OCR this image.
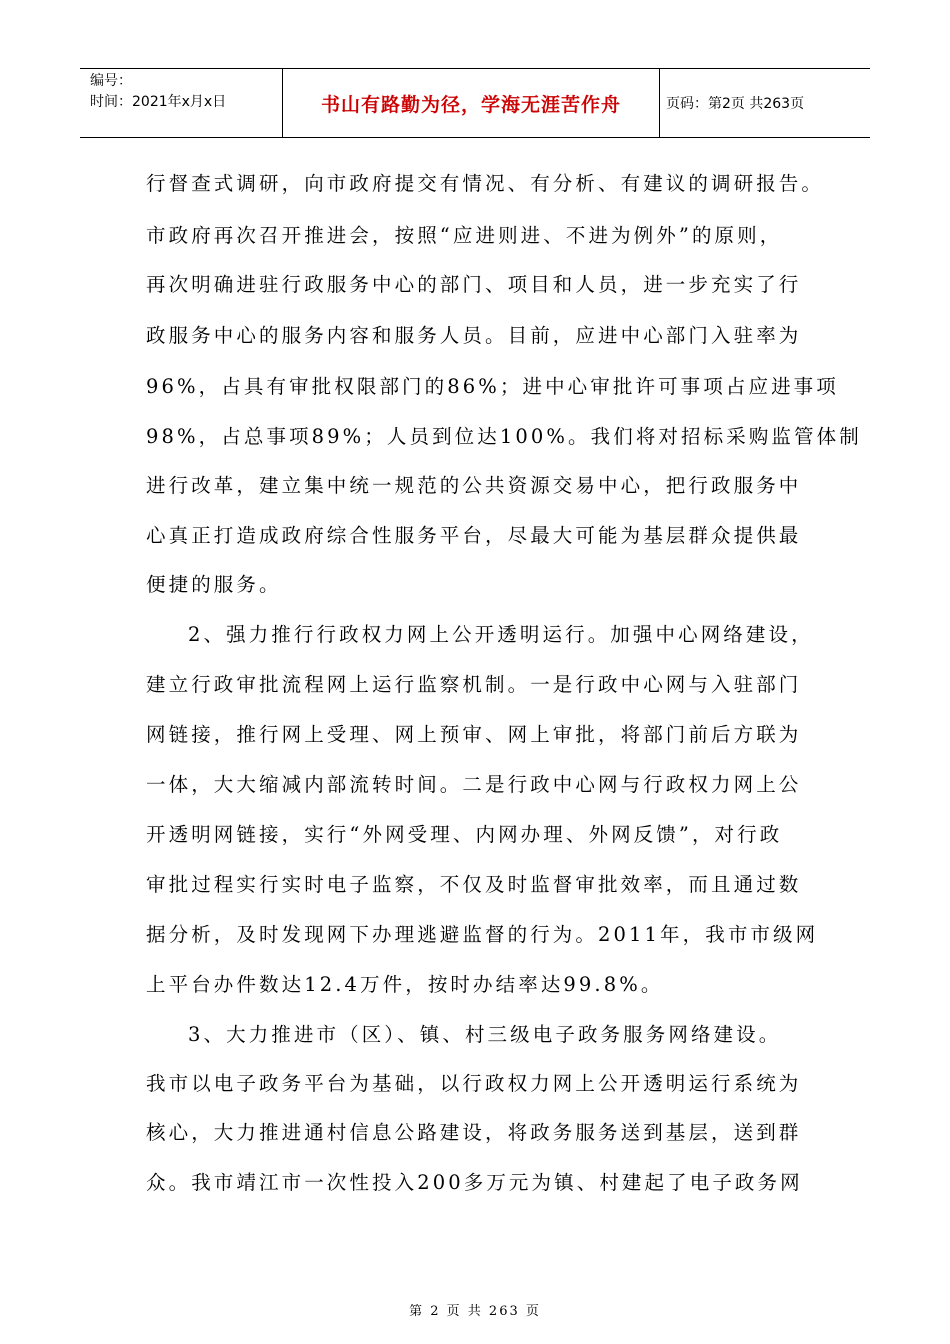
编号：
时间：2021年x月x日	书山有路勤为径，学海无涯苦作舟	页码：第2页 共263页
行督查式调研，向市政府提交有情况、有分析、有建议的调研报告。
市政府再次召开推进会，按照“应进则进、不进为例外”的原则，
再次明确进驻行政服务中心的部门、项目和人员，进一步充实了行
政服务中心的服务内容和服务人员。目前，应进中心部门入驻率为
96%，占具有审批权限部门的86%；进中心审批许可事项占应进事项
98%，占总事项89%；人员到位达100%。我们将对招标采购监管体制
进行改革，建立集中统一规范的公共资源交易中心，把行政服务中
心真正打造成政府综合性服务平台，尽最大可能为基层群众提供最
便捷的服务。
2、强力推行行政权力网上公开透明运行。加强中心网络建设，
建立行政审批流程网上运行监察机制。一是行政中心网与入驻部门
网链接，推行网上受理、网上预审、网上审批，将部门前后方联为
一体，大大缩减内部流转时间。二是行政中心网与行政权力网上公
开透明网链接，实行“外网受理、内网办理、外网反馈”，对行政
审批过程实行实时电子监察，不仅及时监督审批效率，而且通过数
据分析，及时发现网下办理逃避监督的行为。2011年，我市市级网
上平台办件数达12.4万件，按时办结率达99.8%。
3、大力推进市（区）、镇、村三级电子政务服务网络建设。
我市以电子政务平台为基础，以行政权力网上公开透明运行系统为
核心，大力推进通村信息公路建设，将政务服务送到基层，送到群
众。我市靖江市一次性投入200多万元为镇、村建起了电子政务网
第 2 页 共 263 页
